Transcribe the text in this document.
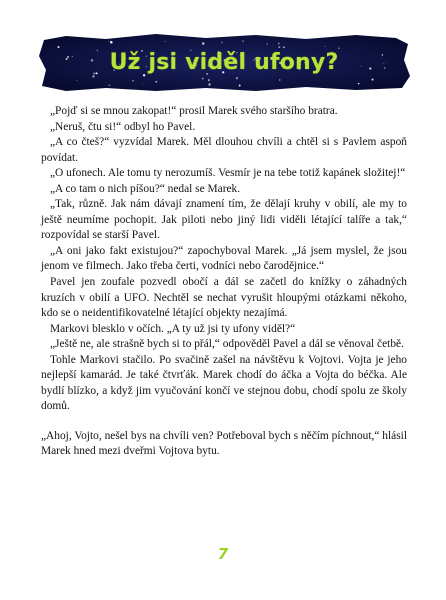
Už jsi viděl ufony?

„Pojď si se mnou zakopat!“ prosil Marek svého staršího bratra.

„Neruš, čtu si!“ odbyl ho Pavel.

„A co čteš?“ vyzvídal Marek. Měl dlouhou chvíli a chtěl si s Pavlem aspoň povídat.

„O ufonech. Ale tomu ty nerozumíš. Vesmír je na tebe totiž kapánek složitej!“

„A co tam o nich píšou?“ nedal se Marek.

„Tak, různě. Jak nám dávají znamení tím, že dělají kruhy v obilí, ale my to ještě neumíme pochopit. Jak piloti nebo jiný lidi viděli létající talíře a tak,“ rozpovídal se starší Pavel.

„A oni jako fakt existujou?“ zapochyboval Marek. „Já jsem myslel, že jsou jenom ve filmech. Jako třeba čerti, vodníci nebo čarodějnice.“

Pavel jen zoufale pozvedl obočí a dál se začetl do knížky o záhadných kruzích v obilí a UFO. Nechtěl se nechat vyrušit hloupými otázkami někoho, kdo se o neidentifikovatelné létající objekty nezajímá.

Markovi blesklo v očích. „A ty už jsi ty ufony viděl?“

„Ještě ne, ale strašně bych si to přál,“ odpověděl Pavel a dál se věnoval četbě.

Tohle Markovi stačilo. Po svačině zašel na návštěvu k Vojtovi. Vojta je jeho nejlepší kamarád. Je také čtvrťák. Marek chodí do áčka a Vojta do béčka. Ale bydlí blízko, a když jim vyučování končí ve stejnou dobu, chodí spolu ze školy domů.

„Ahoj, Vojto, nešel bys na chvíli ven? Potřeboval bych s něčím píchnout,“ hlásil Marek hned mezi dveřmi Vojtova bytu.

7
